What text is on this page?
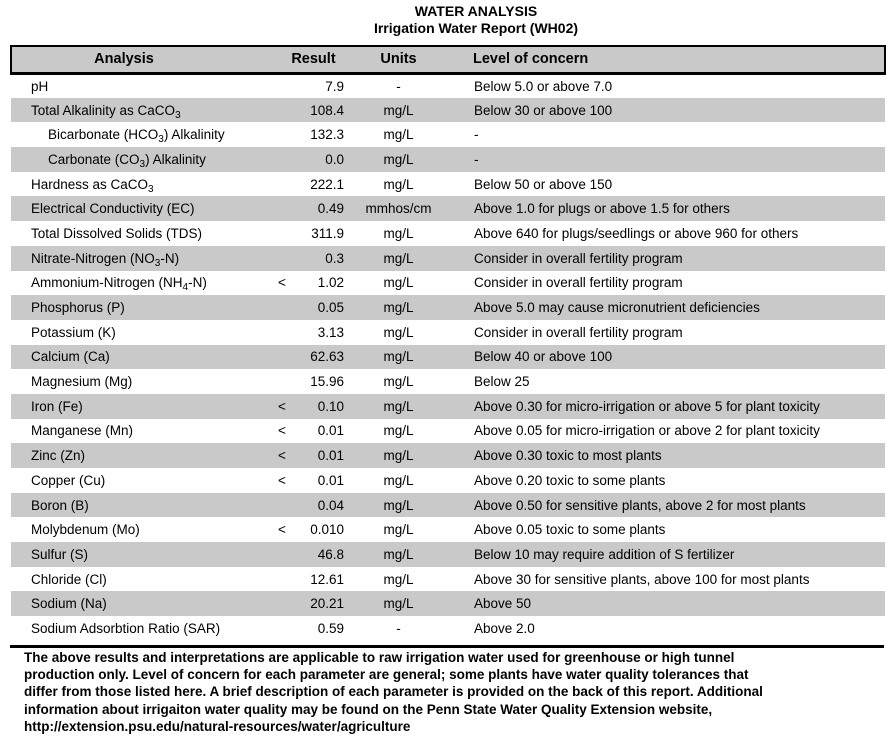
WATER ANALYSIS
Irrigation Water Report (WH02)
Analysis	Result	Units	Level of concern
pH	7.9	-	Below 5.0 or above 7.0
Total Alkalinity as CaCO$_3$	108.4	mg/L	Below 30 or above 100
Bicarbonate $(HCO_3)$ Alkalinity	132.3	mg/L	-
Carbonate $(CO_3)$ Alkalinity	0.0	mg/L	-
Hardness as CaCO$_3$	222.1	mg/L	Below 50 or above 150
Electrical Conductivity (EC)	0.49	mmhos/cm	Above 1.0 for plugs or above 1.5 for others
Total Dissolved Solids (TDS)	311.9	mg/L	Above 640 for plugs/seedlings or above 960 for others
Nitrate-Nitrogen $(NO_3-N)$	0.3	mg/L	Consider in overall fertility program
Ammonium-Nitrogen $(NH_4-N)$	< 1.02	mg/L	Consider in overall fertility program
Phosphorus (P)	0.05	mg/L	Above 5.0 may cause micronutrient deficiencies
Potassium (K)	3.13	mg/L	Consider in overall fertility program
Calcium (Ca)	62.63	mg/L	Below 40 or above 100
Magnesium (Mg)	15.96	mg/L	Below 25
Iron (Fe)	< 0.10	mg/L	Above 0.30 for micro-irrigation or above 5 for plant toxicity
Manganese (Mn)	< 0.01	mg/L	Above 0.05 for micro-irrigation or above 2 for plant toxicity
Zinc (Zn)	< 0.01	mg/L	Above 0.30 toxic to most plants
Copper (Cu)	< 0.01	mg/L	Above 0.20 toxic to some plants
Boron (B)	0.04	mg/L	Above 0.50 for sensitive plants, above 2 for most plants
Molybdenum (Mo)	< 0.010	mg/L	Above 0.05 toxic to some plants
Sulfur (S)	46.8	mg/L	Below 10 may require addition of S fertilizer
Chloride (Cl)	12.61	mg/L	Above 30 for sensitive plants, above 100 for most plants
Sodium (Na)	20.21	mg/L	Above 50
Sodium Adsorbtion Ratio (SAR)	0.59	-	Above 2.0
The above results and interpretations are applicable to raw irrigation water used for greenhouse or high tunnel
production only. Level of concern for each parameter are general; some plants have water quality tolerances that
differ from those listed here. A brief description of each parameter is provided on the back of this report. Additional
information about irrigaiton water quality may be found on the Penn State Water Quality Extension website,
http://extension.psu.edu/natural-resources/water/agriculture
